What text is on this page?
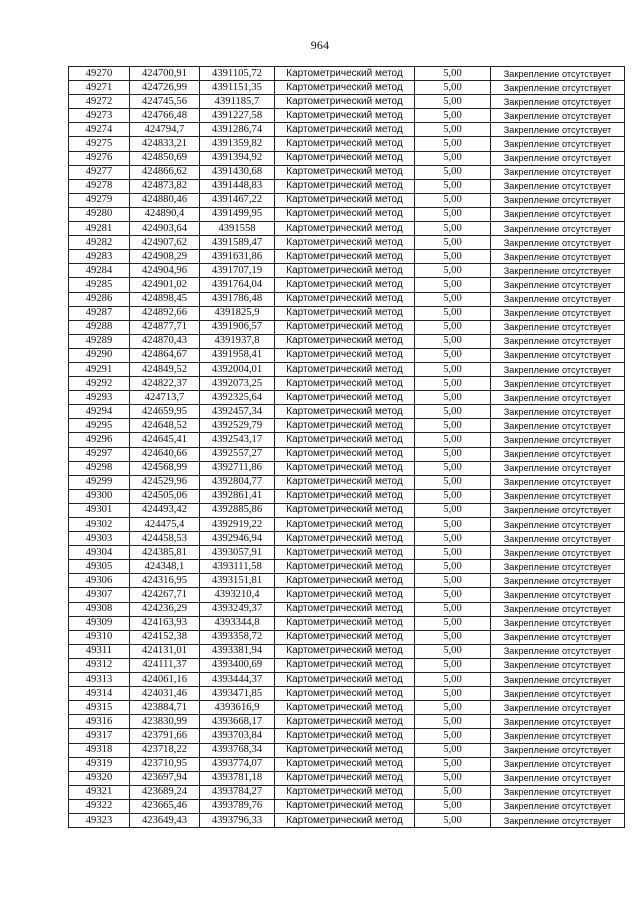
964
49270	424700,91	4391105,72	Картометрический метод	5,00	Закрепление отсутствует
49271	424726,99	4391151,35	Картометрический метод	5,00	Закрепление отсутствует
49272	424745,56	4391185,7	Картометрический метод	5,00	Закрепление отсутствует
49273	424766,48	4391227,58	Картометрический метод	5,00	Закрепление отсутствует
49274	424794,7	4391286,74	Картометрический метод	5,00	Закрепление отсутствует
49275	424833,21	4391359,82	Картометрический метод	5,00	Закрепление отсутствует
49276	424850,69	4391394,92	Картометрический метод	5,00	Закрепление отсутствует
49277	424866,62	4391430,68	Картометрический метод	5,00	Закрепление отсутствует
49278	424873,82	4391448,83	Картометрический метод	5,00	Закрепление отсутствует
49279	424880,46	4391467,22	Картометрический метод	5,00	Закрепление отсутствует
49280	424890,4	4391499,95	Картометрический метод	5,00	Закрепление отсутствует
49281	424903,64	4391558	Картометрический метод	5,00	Закрепление отсутствует
49282	424907,62	4391589,47	Картометрический метод	5,00	Закрепление отсутствует
49283	424908,29	4391631,86	Картометрический метод	5,00	Закрепление отсутствует
49284	424904,96	4391707,19	Картометрический метод	5,00	Закрепление отсутствует
49285	424901,02	4391764,04	Картометрический метод	5,00	Закрепление отсутствует
49286	424898,45	4391786,48	Картометрический метод	5,00	Закрепление отсутствует
49287	424892,66	4391825,9	Картометрический метод	5,00	Закрепление отсутствует
49288	424877,71	4391906,57	Картометрический метод	5,00	Закрепление отсутствует
49289	424870,43	4391937,8	Картометрический метод	5,00	Закрепление отсутствует
49290	424864,67	4391958,41	Картометрический метод	5,00	Закрепление отсутствует
49291	424849,52	4392004,01	Картометрический метод	5,00	Закрепление отсутствует
49292	424822,37	4392073,25	Картометрический метод	5,00	Закрепление отсутствует
49293	424713,7	4392325,64	Картометрический метод	5,00	Закрепление отсутствует
49294	424659,95	4392457,34	Картометрический метод	5,00	Закрепление отсутствует
49295	424648,52	4392529,79	Картометрический метод	5,00	Закрепление отсутствует
49296	424645,41	4392543,17	Картометрический метод	5,00	Закрепление отсутствует
49297	424640,66	4392557,27	Картометрический метод	5,00	Закрепление отсутствует
49298	424568,99	4392711,86	Картометрический метод	5,00	Закрепление отсутствует
49299	424529,96	4392804,77	Картометрический метод	5,00	Закрепление отсутствует
49300	424505,06	4392861,41	Картометрический метод	5,00	Закрепление отсутствует
49301	424493,42	4392885,86	Картометрический метод	5,00	Закрепление отсутствует
49302	424475,4	4392919,22	Картометрический метод	5,00	Закрепление отсутствует
49303	424458,53	4392946,94	Картометрический метод	5,00	Закрепление отсутствует
49304	424385,81	4393057,91	Картометрический метод	5,00	Закрепление отсутствует
49305	424348,1	4393111,58	Картометрический метод	5,00	Закрепление отсутствует
49306	424316,95	4393151,81	Картометрический метод	5,00	Закрепление отсутствует
49307	424267,71	4393210,4	Картометрический метод	5,00	Закрепление отсутствует
49308	424236,29	4393249,37	Картометрический метод	5,00	Закрепление отсутствует
49309	424163,93	4393344,8	Картометрический метод	5,00	Закрепление отсутствует
49310	424152,38	4393358,72	Картометрический метод	5,00	Закрепление отсутствует
49311	424131,01	4393381,94	Картометрический метод	5,00	Закрепление отсутствует
49312	424111,37	4393400,69	Картометрический метод	5,00	Закрепление отсутствует
49313	424061,16	4393444,37	Картометрический метод	5,00	Закрепление отсутствует
49314	424031,46	4393471,85	Картометрический метод	5,00	Закрепление отсутствует
49315	423884,71	4393616,9	Картометрический метод	5,00	Закрепление отсутствует
49316	423830,99	4393668,17	Картометрический метод	5,00	Закрепление отсутствует
49317	423791,66	4393703,84	Картометрический метод	5,00	Закрепление отсутствует
49318	423718,22	4393768,34	Картометрический метод	5,00	Закрепление отсутствует
49319	423710,95	4393774,07	Картометрический метод	5,00	Закрепление отсутствует
49320	423697,94	4393781,18	Картометрический метод	5,00	Закрепление отсутствует
49321	423689,24	4393784,27	Картометрический метод	5,00	Закрепление отсутствует
49322	423665,46	4393789,76	Картометрический метод	5,00	Закрепление отсутствует
49323	423649,43	4393796,33	Картометрический метод	5,00	Закрепление отсутствует
